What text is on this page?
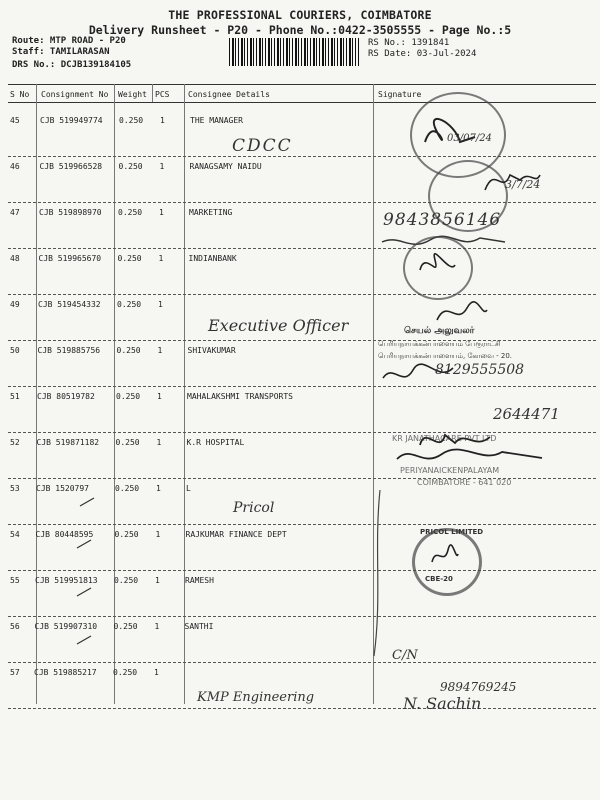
THE PROFESSIONAL COURIERS, COIMBATORE
Delivery Runsheet - P20 - Phone No.:0422-3505555 - Page No.:5
Route: MTP ROAD - P20
Staff: TAMILARASAN
DRS No.: DCJB139184105
RS No.: 1391841
RS Date: 03-Jul-2024
S No Consignment No Weight PCS Consignee Details	Signature
45	CJB 519949774 0.250 1	THE MANAGER
46 CJB 519966528 0.250 1	RANAGSAMY NAIDU
47 CJB 519898970 0.250 1	MARKETING
48 CJB 519965670 0.250 1	INDIANBANK
49 CJB 519454332 0.250 1
50 CJB 519885756 0.250 1	SHIVAKUMAR
51 CJB 80519782	0.250 1	MAHALAKSHMI TRANSPORTS
52 CJB 519871182 0.250 1	K.R HOSPITAL
53 CJB 1520797	0.250 1	L
54 CJB 80448595	0.250 1	RAJKUMAR FINANCE DEPT
55 CJB 519951813 0.250 1	RAMESH
56 CJB 519907310 0.250 1	SANTHI
57 CJB 519885217 0.250 1
CDCC	03/07/24
3/7/24
9843856146
Executive Officer	செயல் அலுவலர்
பெரியநாயக்கன்பாளையம் பேரூராட்சி
பெரியநாயக்கன்பாளையம், கோவை - 20.
8129555508
2644471
KR JANATHACARE PVT LTD
PERIYANAICKENPALAYAM
COIMBATORE - 641 020
Pricol
PRICOL LIMITED
CBE-20
C/N
KMP Engineering
9894769245
N. Sachin
